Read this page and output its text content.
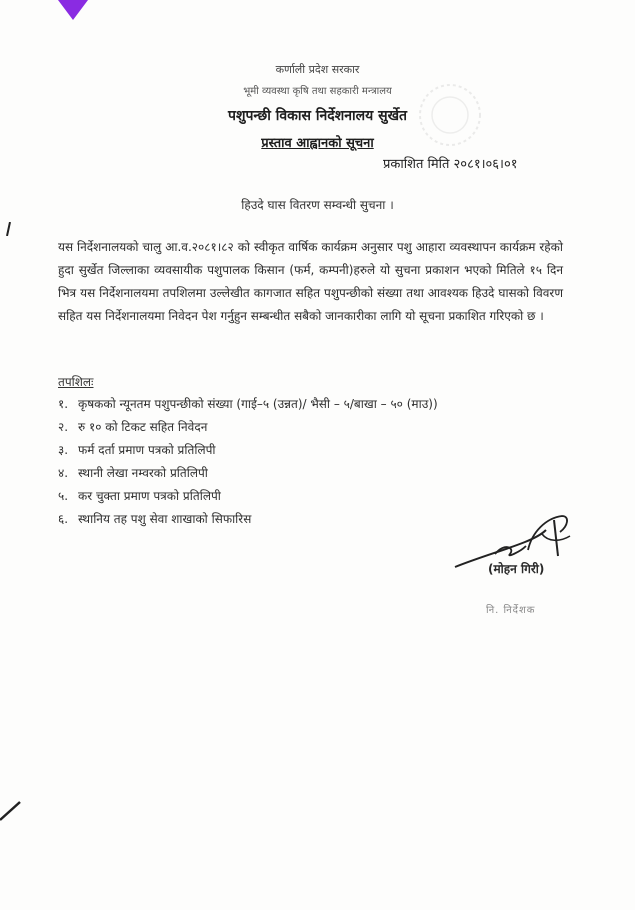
कर्णाली प्रदेश सरकार
भूमी व्यवस्था कृषि तथा सहकारी मन्त्रालय
पशुपन्छी विकास निर्देशनालय सुर्खेत
प्रस्ताव आह्वानको सूचना
प्रकाशित मिति २०८१।०६।०१
हिउदे घास वितरण सम्वन्धी सुचना ।
यस निर्देशनालयको चालु आ.व.२०८१।८२ को स्वीकृत वार्षिक कार्यक्रम अनुसार पशु आहारा व्यवस्थापन कार्यक्रम रहेको हुदा सुर्खेत जिल्लाका व्यवसायीक पशुपालक किसान (फर्म, कम्पनी)हरुले यो सुचना प्रकाशन भएको मितिले १५ दिन भित्र यस निर्देशनालयमा तपशिलमा उल्लेखीत कागजात सहित पशुपन्छीको संख्या तथा आवश्यक हिउदे घासको विवरण सहित यस निर्देशनालयमा निवेदन पेश गर्नुहुन सम्बन्धीत सबैको जानकारीका लागि यो सूचना प्रकाशित गरिएको छ ।
तपशिलः
१. कृषकको न्यूनतम पशुपन्छीको संख्या (गाई–५ (उन्नत)/ भैसी – ५/बाखा – ५० (माउ))
२. रु १० को टिकट सहित निवेदन
३. फर्म दर्ता प्रमाण पत्रको प्रतिलिपी
४. स्थानी लेखा नम्वरको प्रतिलिपी
५. कर चुक्ता प्रमाण पत्रको प्रतिलिपी
६. स्थानिय तह पशु सेवा शाखाको सिफारिस
(मोहन गिरी)
नि. निर्देशक
